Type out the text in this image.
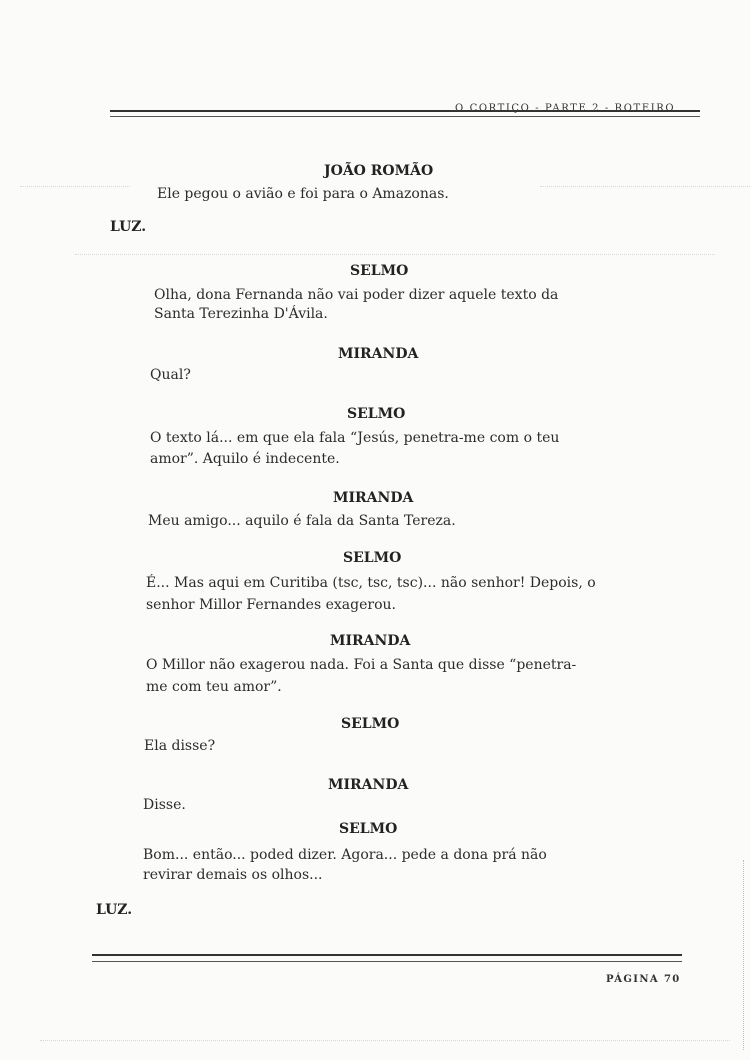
O CORTIÇO - PARTE 2 - ROTEIRO
JOÃO ROMÃO
Ele pegou o avião e foi para o Amazonas.
LUZ.
SELMO
Olha, dona Fernanda não vai poder dizer aquele texto da
Santa Terezinha D'Ávila.
MIRANDA
Qual?
SELMO
O texto lá... em que ela fala “Jesús, penetra-me com o teu
amor”. Aquilo é indecente.
MIRANDA
Meu amigo... aquilo é fala da Santa Tereza.
SELMO
É... Mas aqui em Curitiba (tsc, tsc, tsc)... não senhor! Depois, o
senhor Millor Fernandes exagerou.
MIRANDA
O Millor não exagerou nada. Foi a Santa que disse “penetra-
me com teu amor”.
SELMO
Ela disse?
MIRANDA
Disse.
SELMO
Bom... então... poded dizer. Agora... pede a dona prá não
revirar demais os olhos...
LUZ.
PÁGINA 70
